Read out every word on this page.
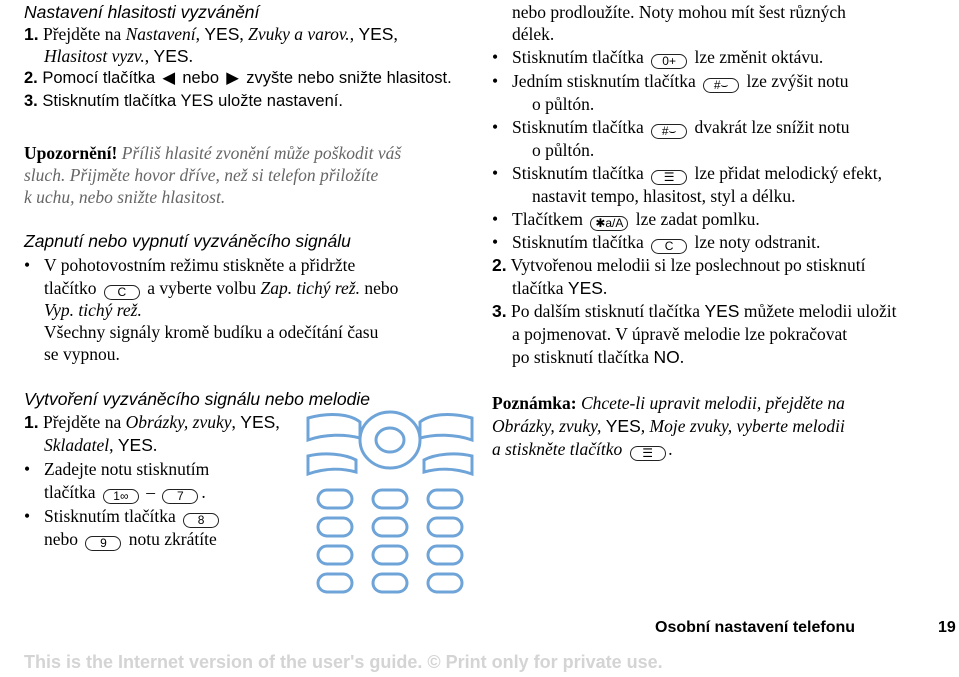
Nastavení hlasitosti vyzvánění
1. Přejděte na Nastavení, YES, Zvuky a varov., YES,
Hlasitost vyzv., YES.
2. Pomocí tlačítka ◀ nebo ▶ zvyšte nebo snižte hlasitost.
3. Stisknutím tlačítka YES uložte nastavení.
Upozornění! Příliš hlasité zvonění může poškodit váš
sluch. Přijměte hovor dříve, než si telefon přiložíte
k uchu, nebo snižte hlasitost.
Zapnutí nebo vypnutí vyzváněcího signálu
• V pohotovostním režimu stiskněte a přidržte
tlačítko C a vyberte volbu Zap. tichý rež. nebo
Vyp. tichý rež.
Všechny signály kromě budíku a odečítání času
se vypnou.
Vytvoření vyzváněcího signálu nebo melodie
1. Přejděte na Obrázky, zvuky, YES,
Skladatel, YES.
• Zadejte notu stisknutím
tlačítka 1∞ – 7 .
• Stisknutím tlačítka 8
nebo 9 notu zkrátíte
nebo prodloužíte. Noty mohou mít šest různých
délek.
• Stisknutím tlačítka 0+ lze změnit oktávu.
• Jedním stisknutím tlačítka #⌣ lze zvýšit notu
o půltón.
• Stisknutím tlačítka #⌣ dvakrát lze snížit notu
o půltón.
• Stisknutím tlačítka ☰ lze přidat melodický efekt,
nastavit tempo, hlasitost, styl a délku.
• Tlačítkem ✱a/A lze zadat pomlku.
• Stisknutím tlačítka C lze noty odstranit.
2. Vytvořenou melodii si lze poslechnout po stisknutí
tlačítka YES.
3. Po dalším stisknutí tlačítka YES můžete melodii uložit
a pojmenovat. V úpravě melodie lze pokračovat
po stisknutí tlačítka NO.
Poznámka: Chcete-li upravit melodii, přejděte na
Obrázky, zvuky, YES, Moje zvuky, vyberte melodii
a stiskněte tlačítko ☰ .
Osobní nastavení telefonu	19
This is the Internet version of the user's guide. © Print only for private use.
